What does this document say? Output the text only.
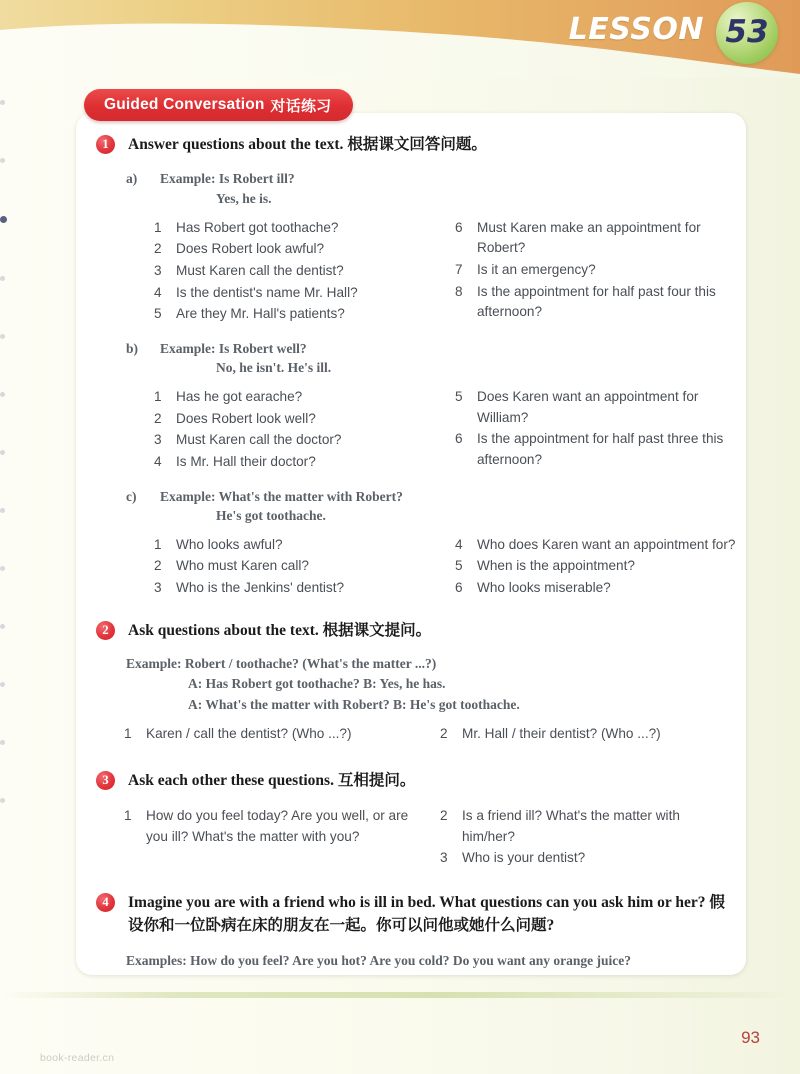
LESSON 53
Guided Conversation 对话练习
1	Answer questions about the text. 根据课文回答问题。
a) Example: Is Robert ill?
Yes, he is.
1	Has Robert got toothache?
2	Does Robert look awful?
3	Must Karen call the dentist?
4	Is the dentist's name Mr. Hall?
5	Are they Mr. Hall's patients?
6	Must Karen make an appointment for Robert?
7	Is it an emergency?
8	Is the appointment for half past four this afternoon?
b) Example: Is Robert well?
No, he isn't. He's ill.
1	Has he got earache?
2	Does Robert look well?
3	Must Karen call the doctor?
4	Is Mr. Hall their doctor?
5	Does Karen want an appointment for William?
6	Is the appointment for half past three this afternoon?
c) Example: What's the matter with Robert?
He's got toothache.
1	Who looks awful?
2	Who must Karen call?
3	Who is the Jenkins' dentist?
4	Who does Karen want an appointment for?
5	When is the appointment?
6	Who looks miserable?
2	Ask questions about the text. 根据课文提问。
Example: Robert / toothache? (What's the matter ...?)
A: Has Robert got toothache? B: Yes, he has.
A: What's the matter with Robert? B: He's got toothache.
1	Karen / call the dentist? (Who ...?)	2	Mr. Hall / their dentist? (Who ...?)
3	Ask each other these questions. 互相提问。
1	How do you feel today? Are you well, or are you ill? What's the matter with you?
2	Is a friend ill? What's the matter with him/her?
3	Who is your dentist?
4	Imagine you are with a friend who is ill in bed. What questions can you ask him or her? 假设你和一位卧病在床的朋友在一起。你可以问他或她什么问题?
Examples: How do you feel? Are you hot? Are you cold? Do you want any orange juice?
93
book-reader.cn
